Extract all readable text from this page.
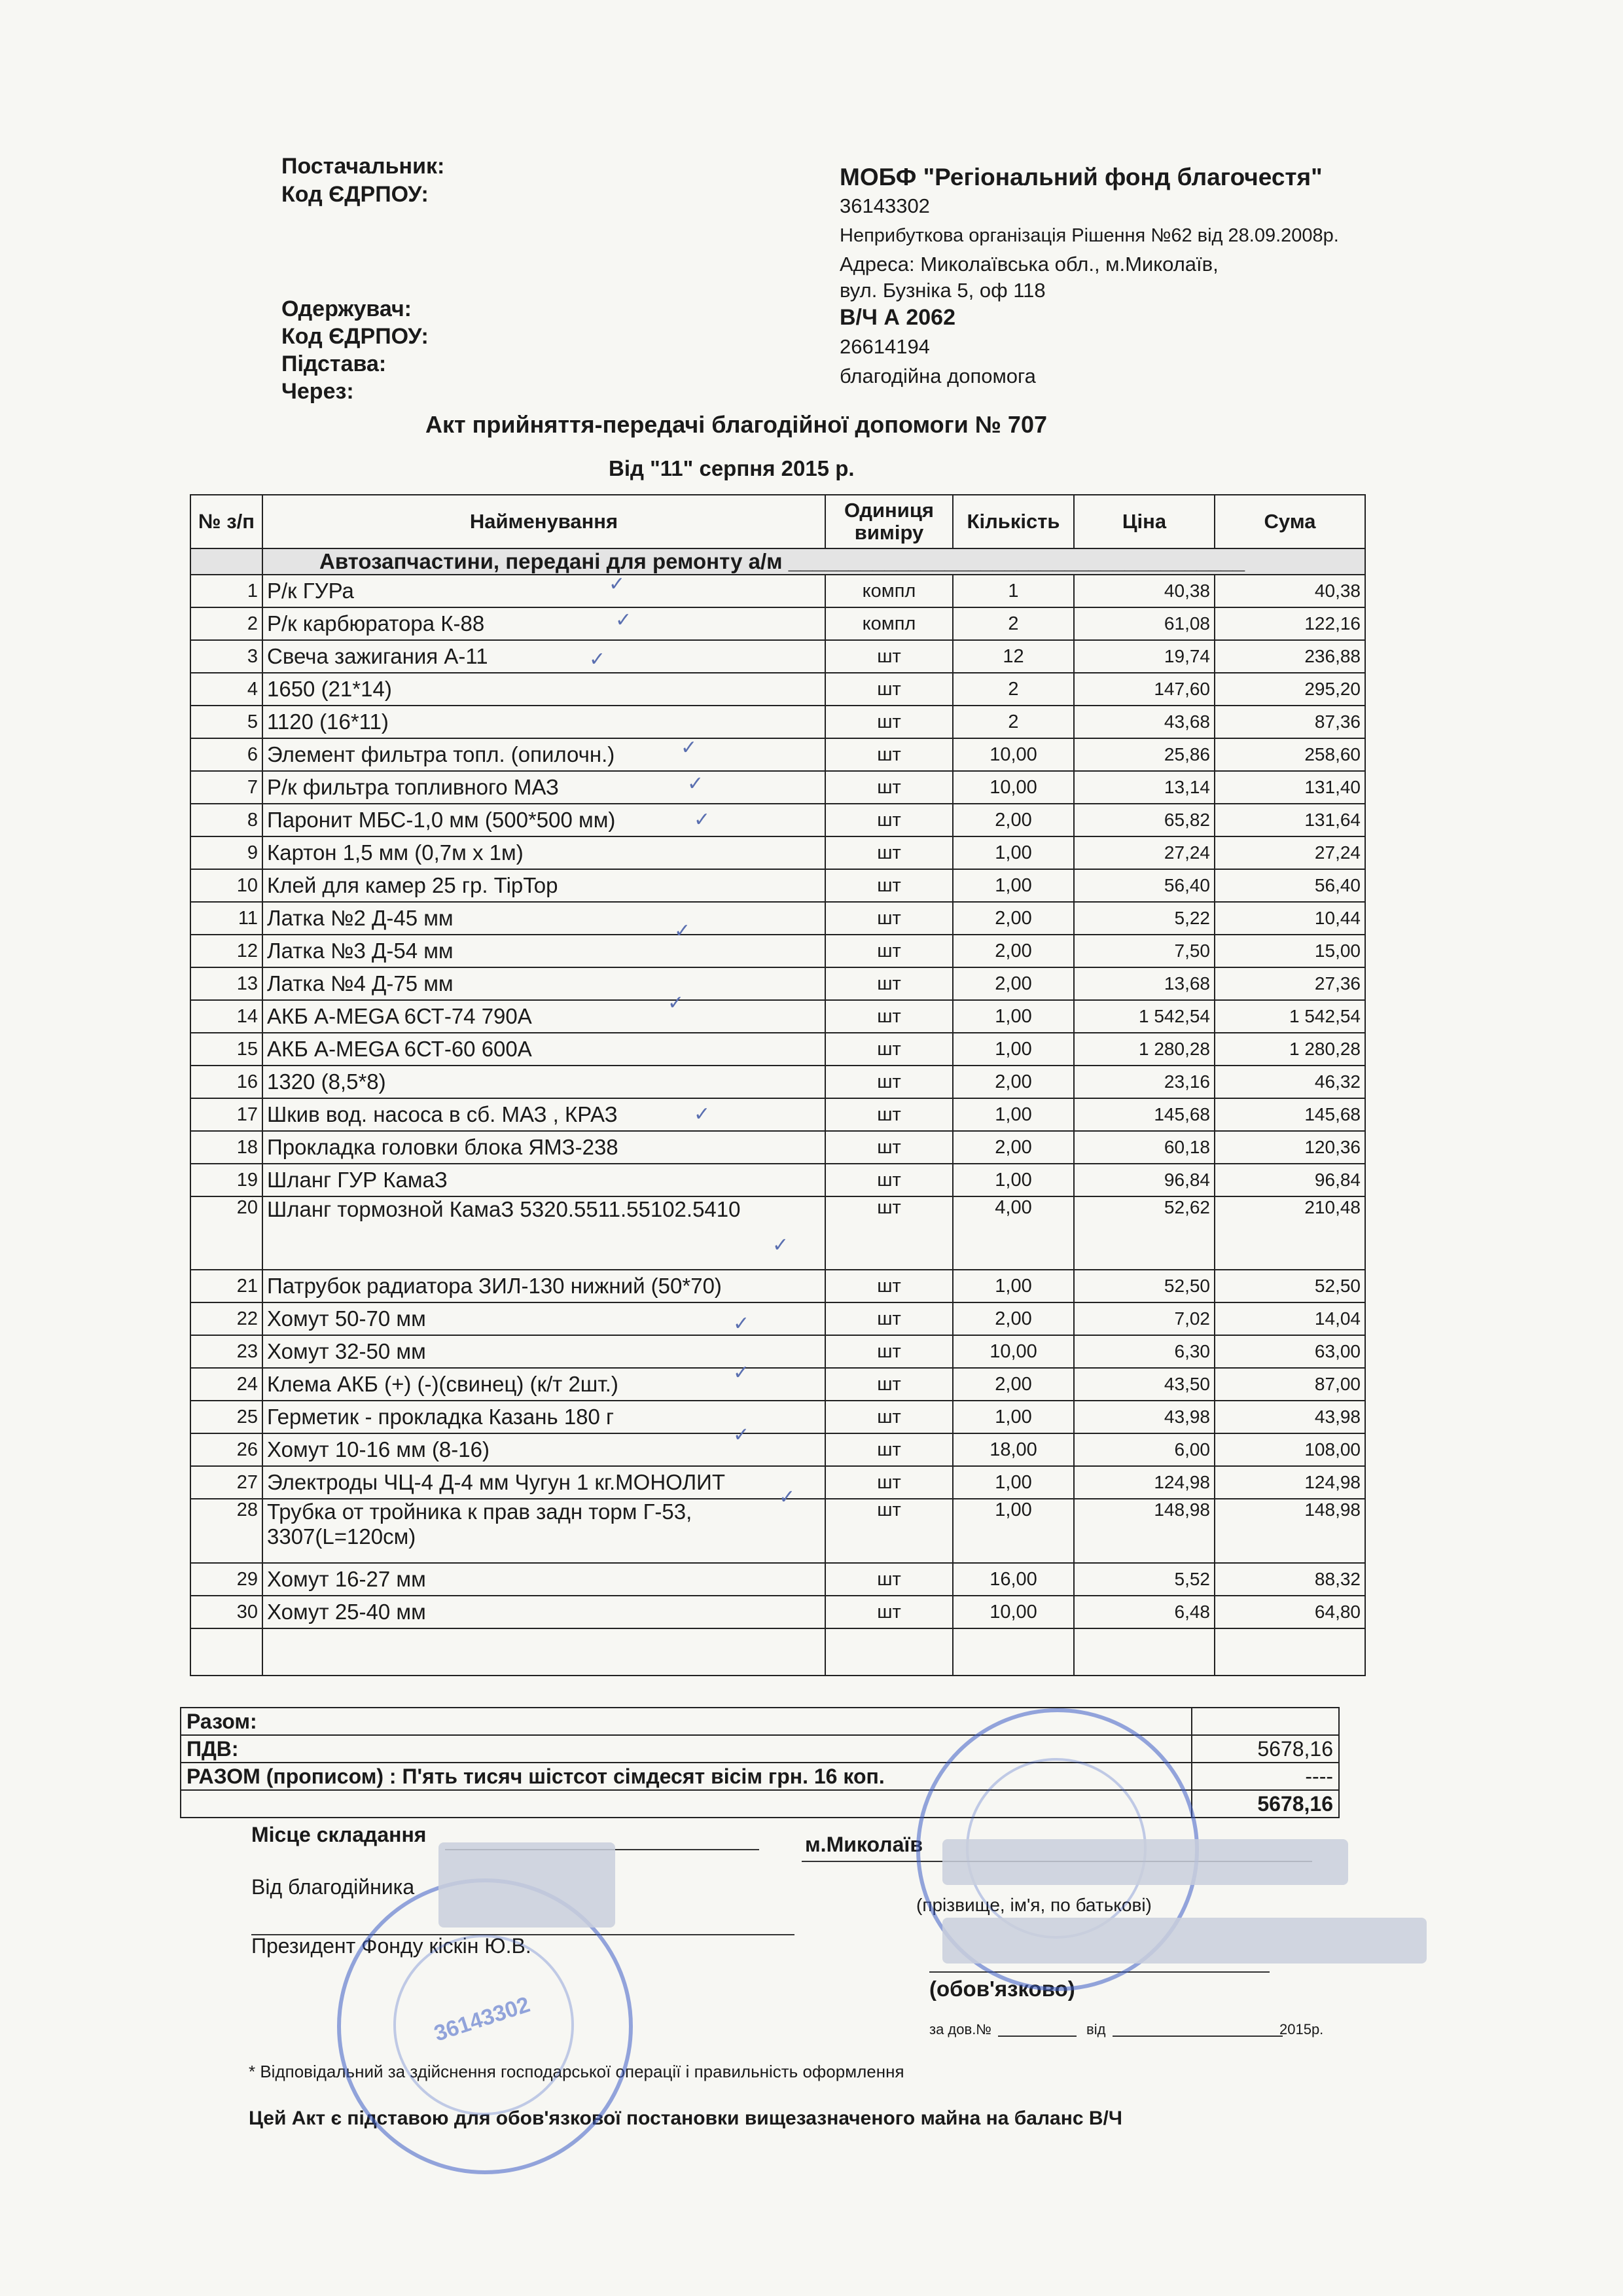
Постачальник:
Код ЄДРПОУ:
МОБФ "Регіональний фонд благочестя"
36143302
Неприбуткова організація Рішення №62 від 28.09.2008р.
Адреса: Миколаївська обл., м.Миколаїв,
вул. Бузніка 5, оф 118
Одержувач:
Код ЄДРПОУ:
Підстава:
Через:
В/Ч А 2062
26614194
благодійна допомога
Акт прийняття-передачі благодійної допомоги № 707
Від "11" серпня 2015 р.
№ з/п	Найменування	Одиниця виміру	Кількість	Ціна	Сума
	Автозапчастини, передані для ремонту а/м ______________________________________				
1	Р/к ГУРа	компл	1	40,38	40,38
2	Р/к карбюратора К-88	компл	2	61,08	122,16
3	Свеча зажигания А-11	шт	12	19,74	236,88
4	1650 (21*14)	шт	2	147,60	295,20
5	1120 (16*11)	шт	2	43,68	87,36
6	Элемент фильтра топл. (опилочн.)	шт	10,00	25,86	258,60
7	Р/к фильтра топливного МАЗ	шт	10,00	13,14	131,40
8	Паронит МБС-1,0 мм (500*500 мм)	шт	2,00	65,82	131,64
9	Картон 1,5 мм (0,7м х 1м)	шт	1,00	27,24	27,24
10	Клей для камер 25 гр. TipTop	шт	1,00	56,40	56,40
11	Латка №2 Д-45 мм	шт	2,00	5,22	10,44
12	Латка №3 Д-54 мм	шт	2,00	7,50	15,00
13	Латка №4 Д-75 мм	шт	2,00	13,68	27,36
14	АКБ A-MEGA 6СТ-74 790А	шт	1,00	1 542,54	1 542,54
15	АКБ A-MEGA 6СТ-60 600А	шт	1,00	1 280,28	1 280,28
16	1320 (8,5*8)	шт	2,00	23,16	46,32
17	Шкив вод. насоса в сб. МАЗ , КРАЗ	шт	1,00	145,68	145,68
18	Прокладка головки блока ЯМЗ-238	шт	2,00	60,18	120,36
19	Шланг ГУР КамаЗ	шт	1,00	96,84	96,84
20	Шланг тормозной КамаЗ 5320.5511.55102.5410	шт	4,00	52,62	210,48
21	Патрубок радиатора ЗИЛ-130 нижний (50*70)	шт	1,00	52,50	52,50
22	Хомут 50-70 мм	шт	2,00	7,02	14,04
23	Хомут 32-50 мм	шт	10,00	6,30	63,00
24	Клема АКБ (+) (-)(свинец) (к/т 2шт.)	шт	2,00	43,50	87,00
25	Герметик - прокладка Казань 180 г	шт	1,00	43,98	43,98
26	Хомут 10-16 мм (8-16)	шт	18,00	6,00	108,00
27	Электроды ЧЦ-4 Д-4 мм Чугун 1 кг.МОНОЛИТ	шт	1,00	124,98	124,98
28	Трубка от тройника к прав задн торм Г-53,
3307(L=120см)	шт	1,00	148,98	148,98
29	Хомут 16-27 мм	шт	16,00	5,52	88,32
30	Хомут 25-40 мм	шт	10,00	6,48	64,80

Разом:	
ПДВ:	5678,16
РАЗОМ (прописом) : П'ять тисяч шістсот сімдесят вісім грн. 16 коп.	----
	5678,16
Місце складання	м.Миколаїв
Від благодійника
Президент Фонду кіскін Ю.В.
(прізвище, ім'я, по батькові)
(обов'язково)
за дов.№	від	2015р.
* Відповідальний за здійснення господарської операції і правильність оформлення
Цей Акт є підставою для обов'язкової постановки вищезазначеного майна на баланс В/Ч
36143302
✓
✓
✓
✓
✓
✓
✓
✓
✓
✓
✓
✓
✓
✓
